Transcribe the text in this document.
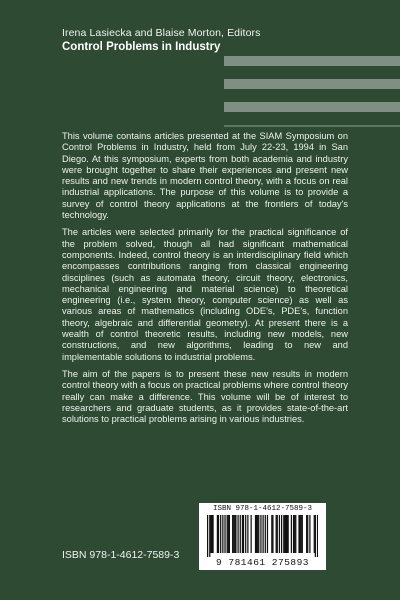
Irena Lasiecka and Blaise Morton, Editors
Control Problems in Industry

This volume contains articles presented at the SIAM Symposium on Control Problems in Industry, held from July 22-23, 1994 in San Diego. At this symposium, experts from both academia and industry were brought together to share their experiences and present new results and new trends in modern control theory, with a focus on real industrial applications. The purpose of this volume is to provide a survey of control theory applications at the frontiers of today's technology.

The articles were selected primarily for the practical significance of the problem solved, though all had significant mathematical components. Indeed, control theory is an interdisciplinary field which encompasses contributions ranging from classical engineering disciplines (such as automata theory, circuit theory, electronics, mechanical engineering and material science) to theoretical engineering (i.e., system theory, computer science) as well as various areas of mathematics (including ODE's, PDE's, function theory, algebraic and differential geometry). At present there is a wealth of control theoretic results, including new models, new constructions, and new algorithms, leading to new and implementable solutions to industrial problems.

The aim of the papers is to present these new results in modern control theory with a focus on practical problems where control theory really can make a difference. This volume will be of interest to researchers and graduate students, as it provides state-of-the-art solutions to practical problems arising in various industries.

ISBN 978-1-4612-7589-3
9 781461 275893
ISBN 978-1-4612-7589-3
